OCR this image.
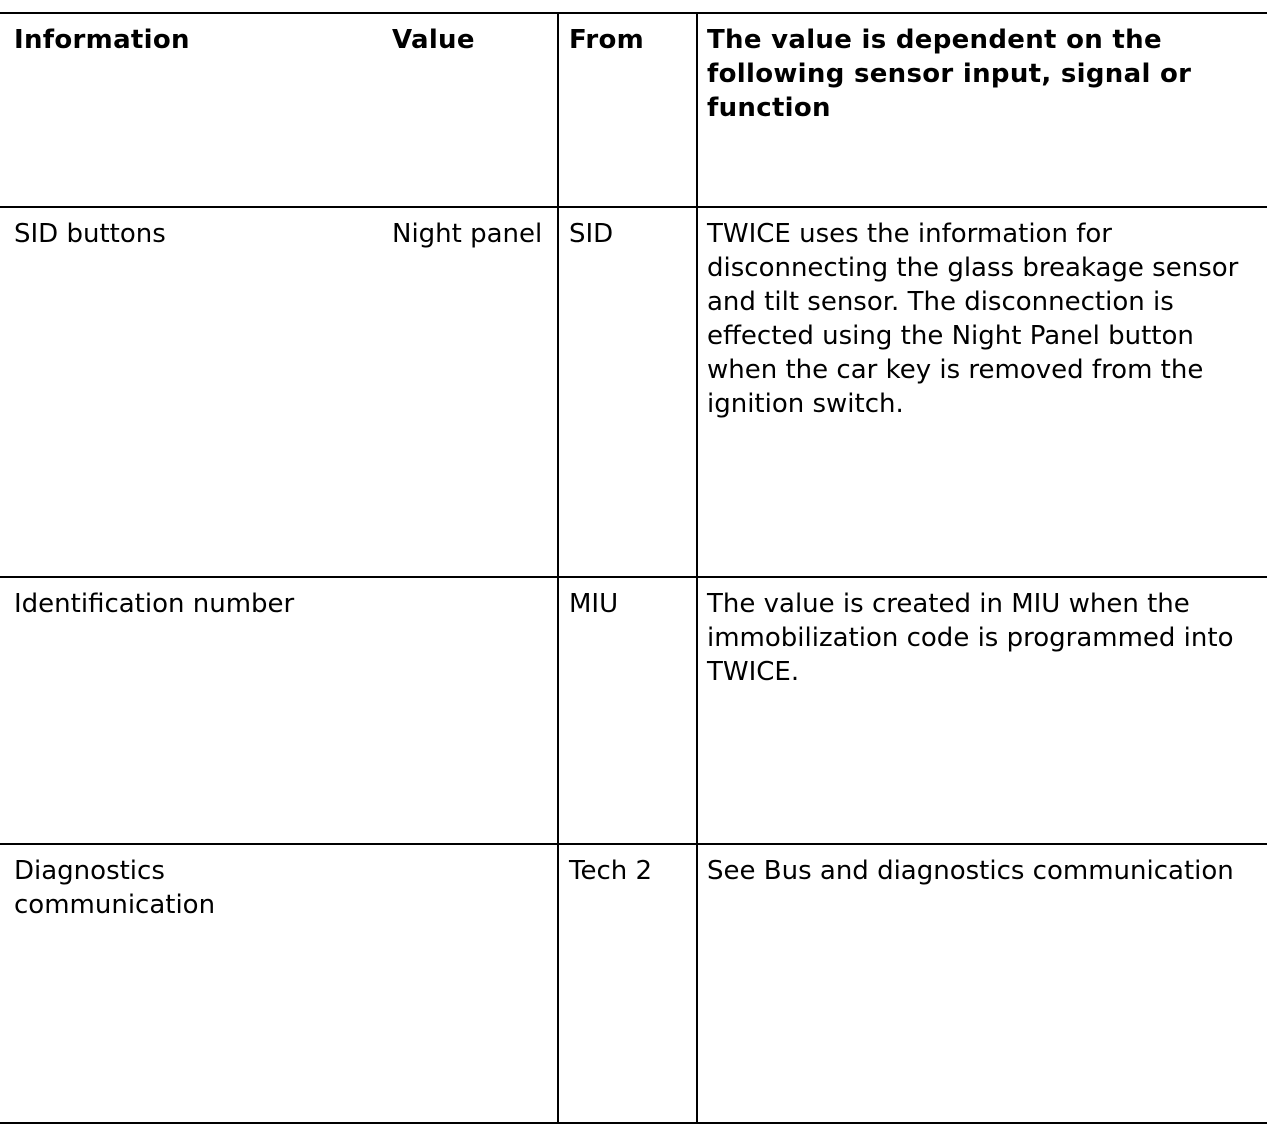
Information	Value	From	The value is dependent on the following sensor input, signal or function
SID buttons	Night panel	SID	TWICE uses the information for disconnecting the glass breakage sensor and tilt sensor. The disconnection is effected using the Night Panel button when the car key is removed from the ignition switch.
Identification number		MIU	The value is created in MIU when the immobilization code is programmed into TWICE.
Diagnostics communication		Tech 2	See Bus and diagnostics communication
